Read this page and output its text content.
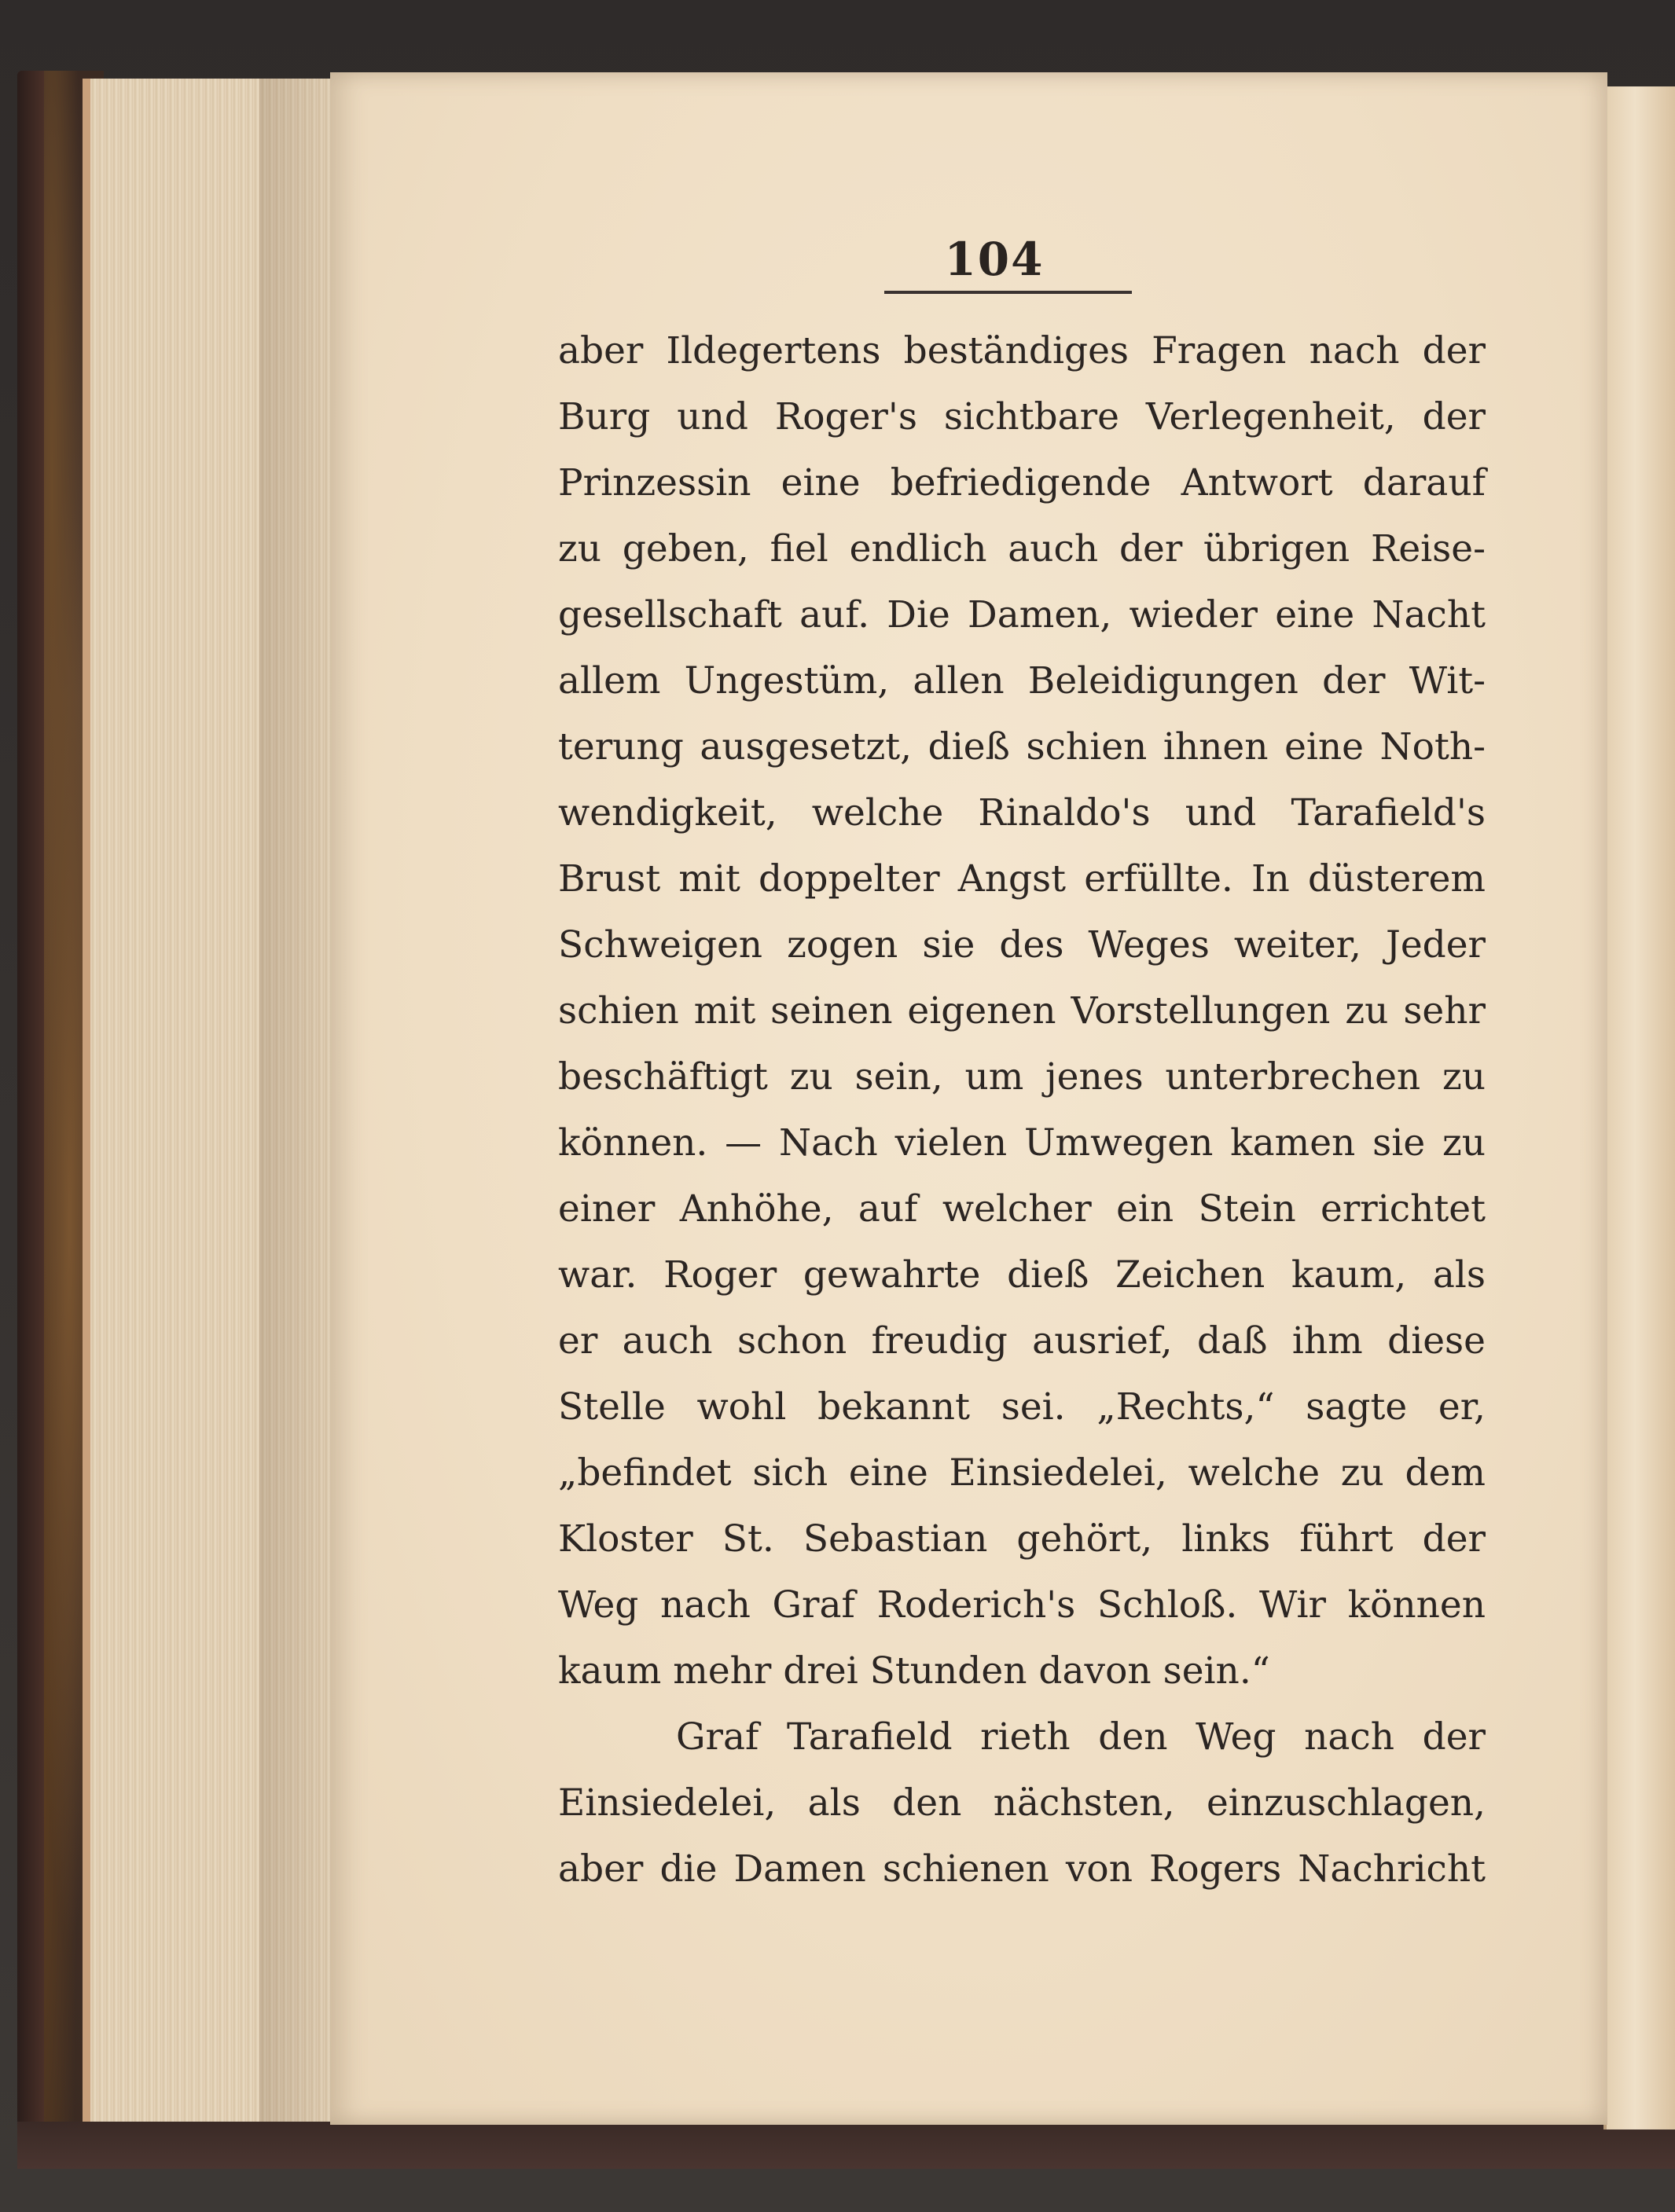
104
aber Ildegertens beständiges Fragen nach der
Burg und Roger's sichtbare Verlegenheit, der
Prinzessin eine befriedigende Antwort darauf
zu geben, fiel endlich auch der übrigen Reise-
gesellschaft auf. Die Damen, wieder eine Nacht
allem Ungestüm, allen Beleidigungen der Wit-
terung ausgesetzt, dieß schien ihnen eine Noth-
wendigkeit, welche Rinaldo's und Tarafield's
Brust mit doppelter Angst erfüllte. In düsterem
Schweigen zogen sie des Weges weiter, Jeder
schien mit seinen eigenen Vorstellungen zu sehr
beschäftigt zu sein, um jenes unterbrechen zu
können. — Nach vielen Umwegen kamen sie zu
einer Anhöhe, auf welcher ein Stein errichtet
war. Roger gewahrte dieß Zeichen kaum, als
er auch schon freudig ausrief, daß ihm diese
Stelle wohl bekannt sei. „Rechts,“ sagte er,
„befindet sich eine Einsiedelei, welche zu dem
Kloster St. Sebastian gehört, links führt der
Weg nach Graf Roderich's Schloß. Wir können
kaum mehr drei Stunden davon sein.“
Graf Tarafield rieth den Weg nach der
Einsiedelei, als den nächsten, einzuschlagen,
aber die Damen schienen von Rogers Nachricht
